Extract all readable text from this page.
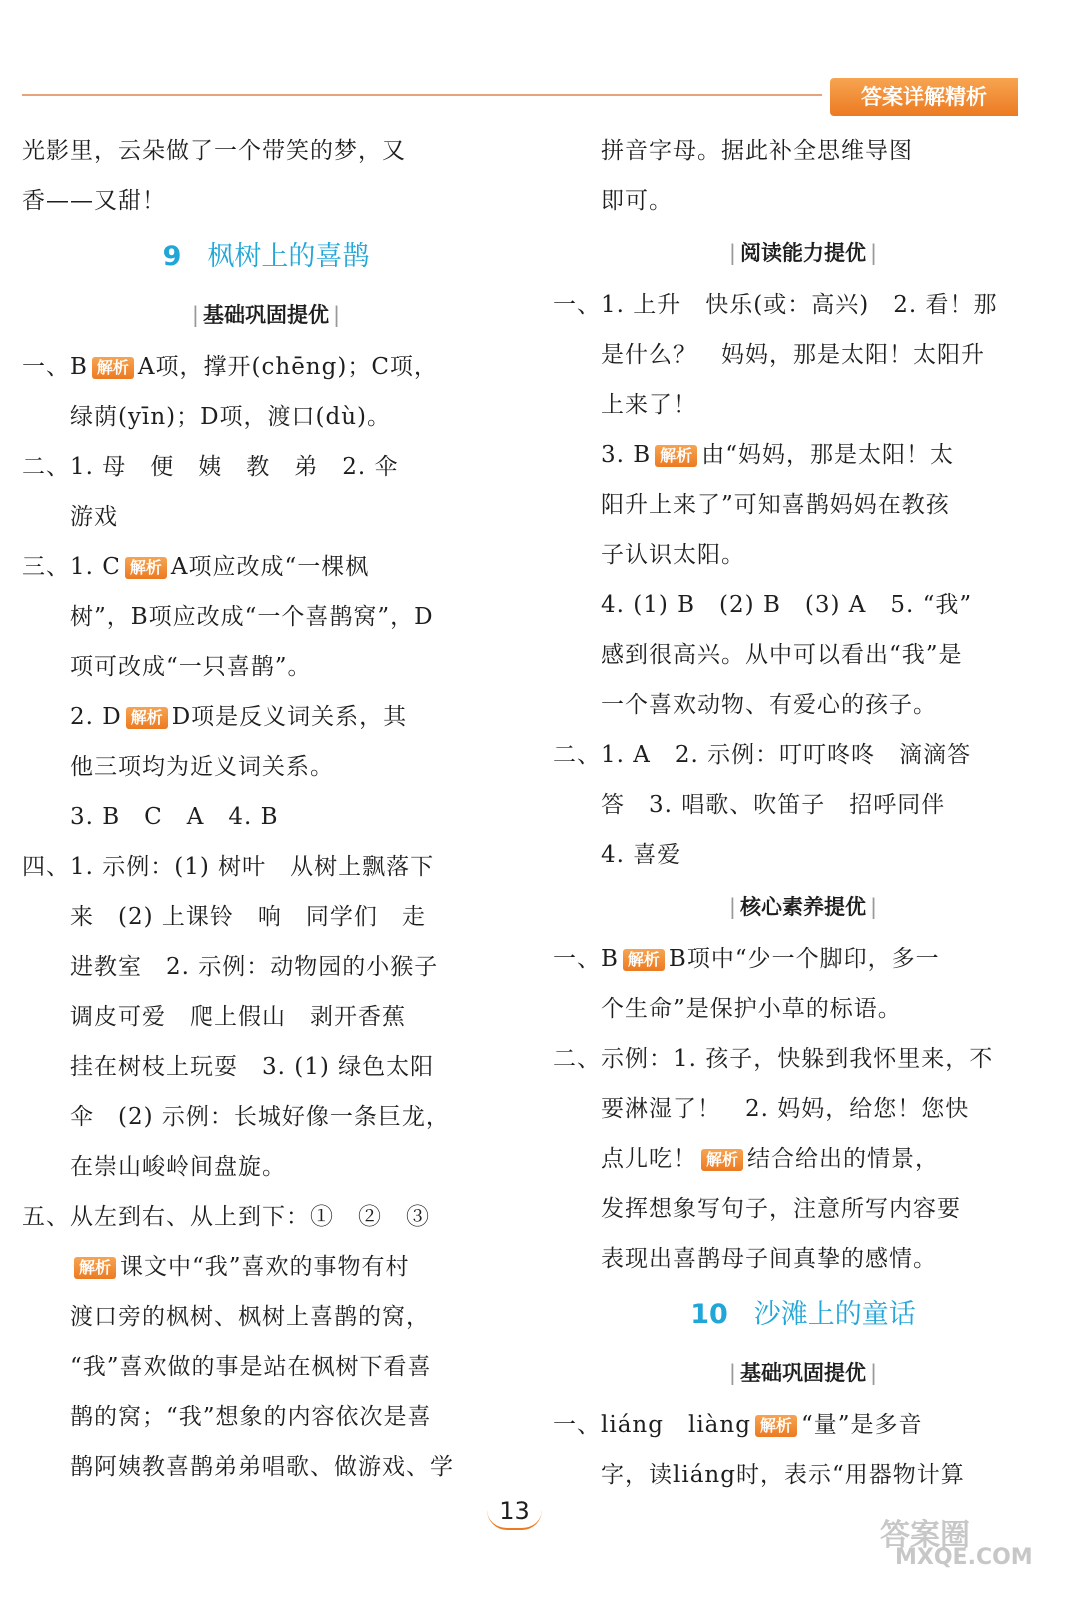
答案详解精析
光影里，云朵做了一个带笑的梦，又
香——又甜！
9 枫树上的喜鹊
| 基础巩固提优 |
一、B 解析 A项，撑开(chēng)；C项，
绿荫(yīn)；D项，渡口(dù)。
二、1. 母　便　姨　教　弟　2. 伞
游戏
三、1. C 解析 A项应改成“一棵枫
树”，B项应改成“一个喜鹊窝”，D
项可改成“一只喜鹊”。
2. D 解析 D项是反义词关系，其
他三项均为近义词关系。
3. B　C　A　4. B
四、1. 示例：(1) 树叶　从树上飘落下
来　(2) 上课铃　响　同学们　走
进教室　2. 示例：动物园的小猴子
调皮可爱　爬上假山　剥开香蕉
挂在树枝上玩耍　3. (1) 绿色太阳
伞　(2) 示例：长城好像一条巨龙，
在崇山峻岭间盘旋。
五、从左到右、从上到下：①　②　③
解析 课文中“我”喜欢的事物有村
渡口旁的枫树、枫树上喜鹊的窝，
“我”喜欢做的事是站在枫树下看喜
鹊的窝；“我”想象的内容依次是喜
鹊阿姨教喜鹊弟弟唱歌、做游戏、学
拼音字母。据此补全思维导图
即可。
| 阅读能力提优 |
一、1. 上升　快乐(或：高兴)　2. 看！那
是什么？　妈妈，那是太阳！太阳升
上来了！
3. B 解析 由“妈妈，那是太阳！太
阳升上来了”可知喜鹊妈妈在教孩
子认识太阳。
4. (1) B　(2) B　(3) A　5. “我”
感到很高兴。从中可以看出“我”是
一个喜欢动物、有爱心的孩子。
二、1. A　2. 示例：叮叮咚咚　滴滴答
答　3. 唱歌、吹笛子　招呼同伴
4. 喜爱
| 核心素养提优 |
一、B 解析 B项中“少一个脚印，多一
个生命”是保护小草的标语。
二、示例：1. 孩子，快躲到我怀里来，不
要淋湿了！　2. 妈妈，给您！您快
点儿吃！ 解析 结合给出的情景，
发挥想象写句子，注意所写内容要
表现出喜鹊母子间真挚的感情。
10 沙滩上的童话
| 基础巩固提优 |
一、liáng　liàng 解析 “量”是多音
字，读liáng时，表示“用器物计算
13
答案圈
MXQE.COM
